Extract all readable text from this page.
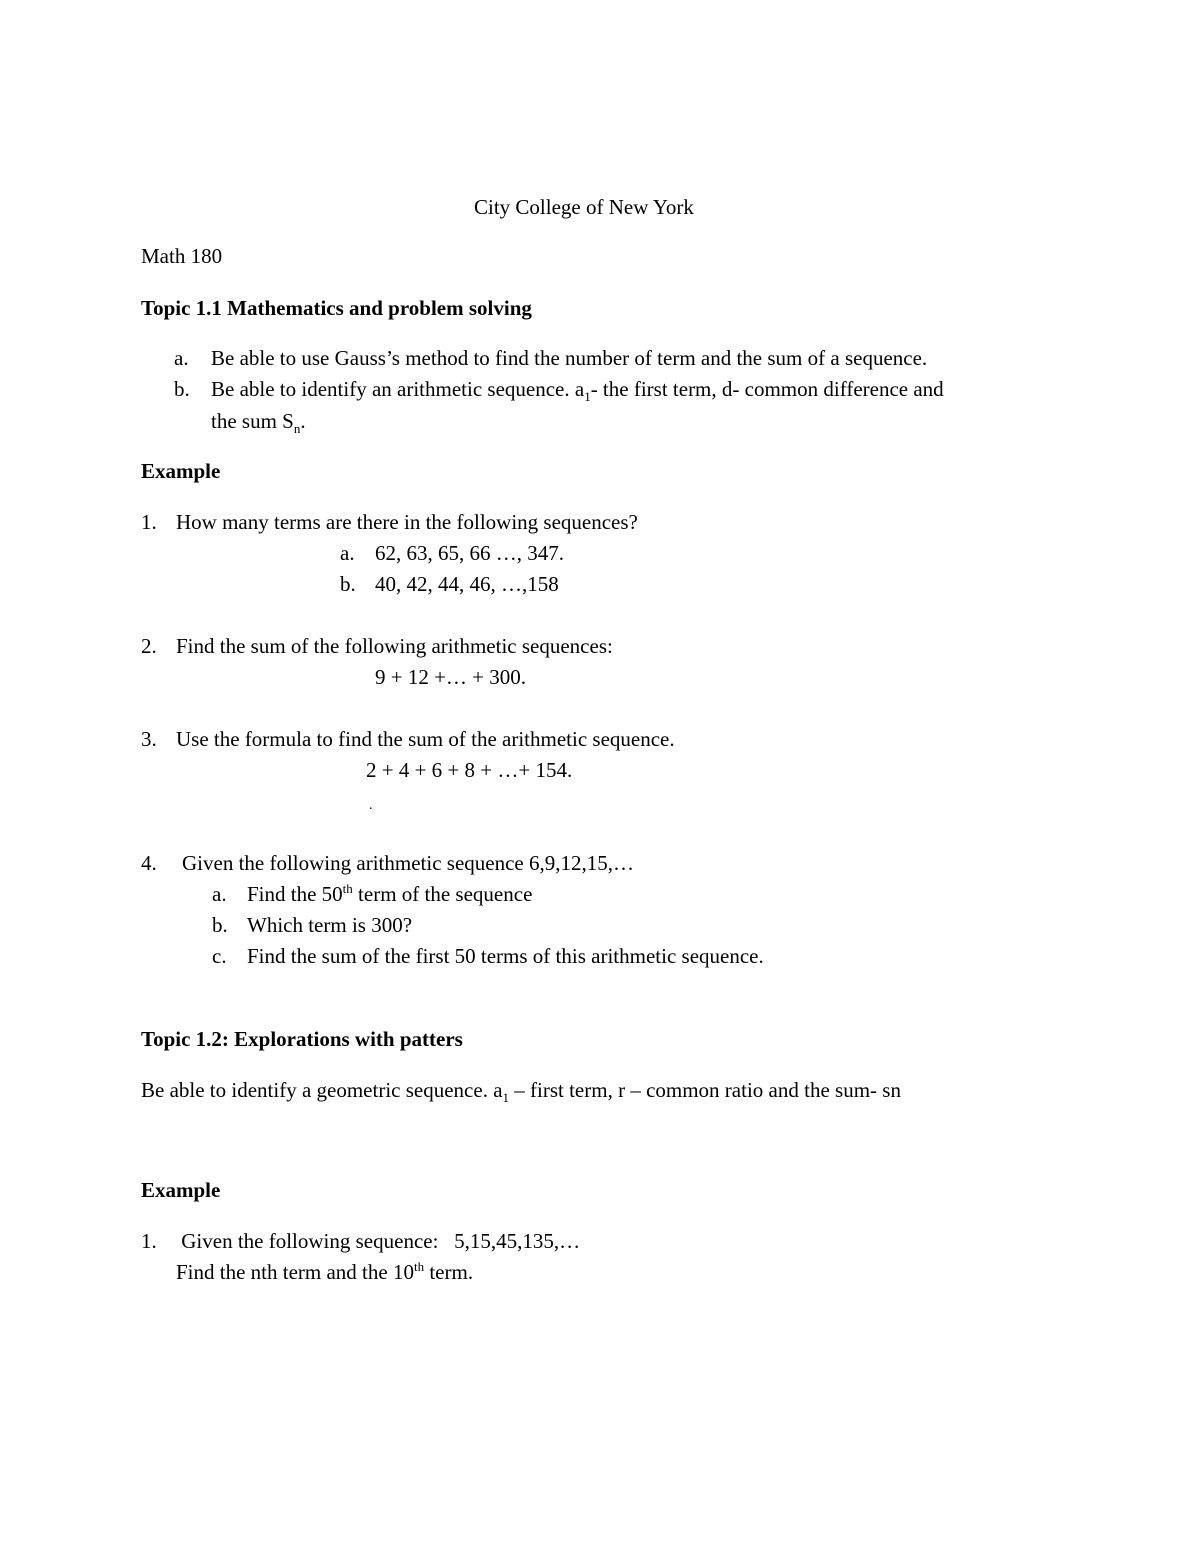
City College of New York
Math 180
Topic 1.1 Mathematics and problem solving
a. Be able to use Gauss’s method to find the number of term and the sum of a sequence.
b. Be able to identify an arithmetic sequence. $a_1-$ the first term, d- common difference and
the sum $S_n$.
Example
1. How many terms are there in the following sequences?
a. 62, 63, 65, 66 …, 347.
b. 40, 42, 44, 46, …,158
2. Find the sum of the following arithmetic sequences:
9 + 12 +… + 300.
3. Use the formula to find the sum of the arithmetic sequence.
2 + 4 + 6 + 8 + …+ 154.
.
4. Given the following arithmetic sequence 6,9,12,15,…
a. Find the 50th term of the sequence
b. Which term is 300?
c. Find the sum of the first 50 terms of this arithmetic sequence.
Topic 1.2: Explorations with patters
Be able to identify a geometric sequence. $a_1$ – first term, r – common ratio and the sum- sn
Example
1. Given the following sequence:   5,15,45,135,…
Find the nth term and the 10th term.
